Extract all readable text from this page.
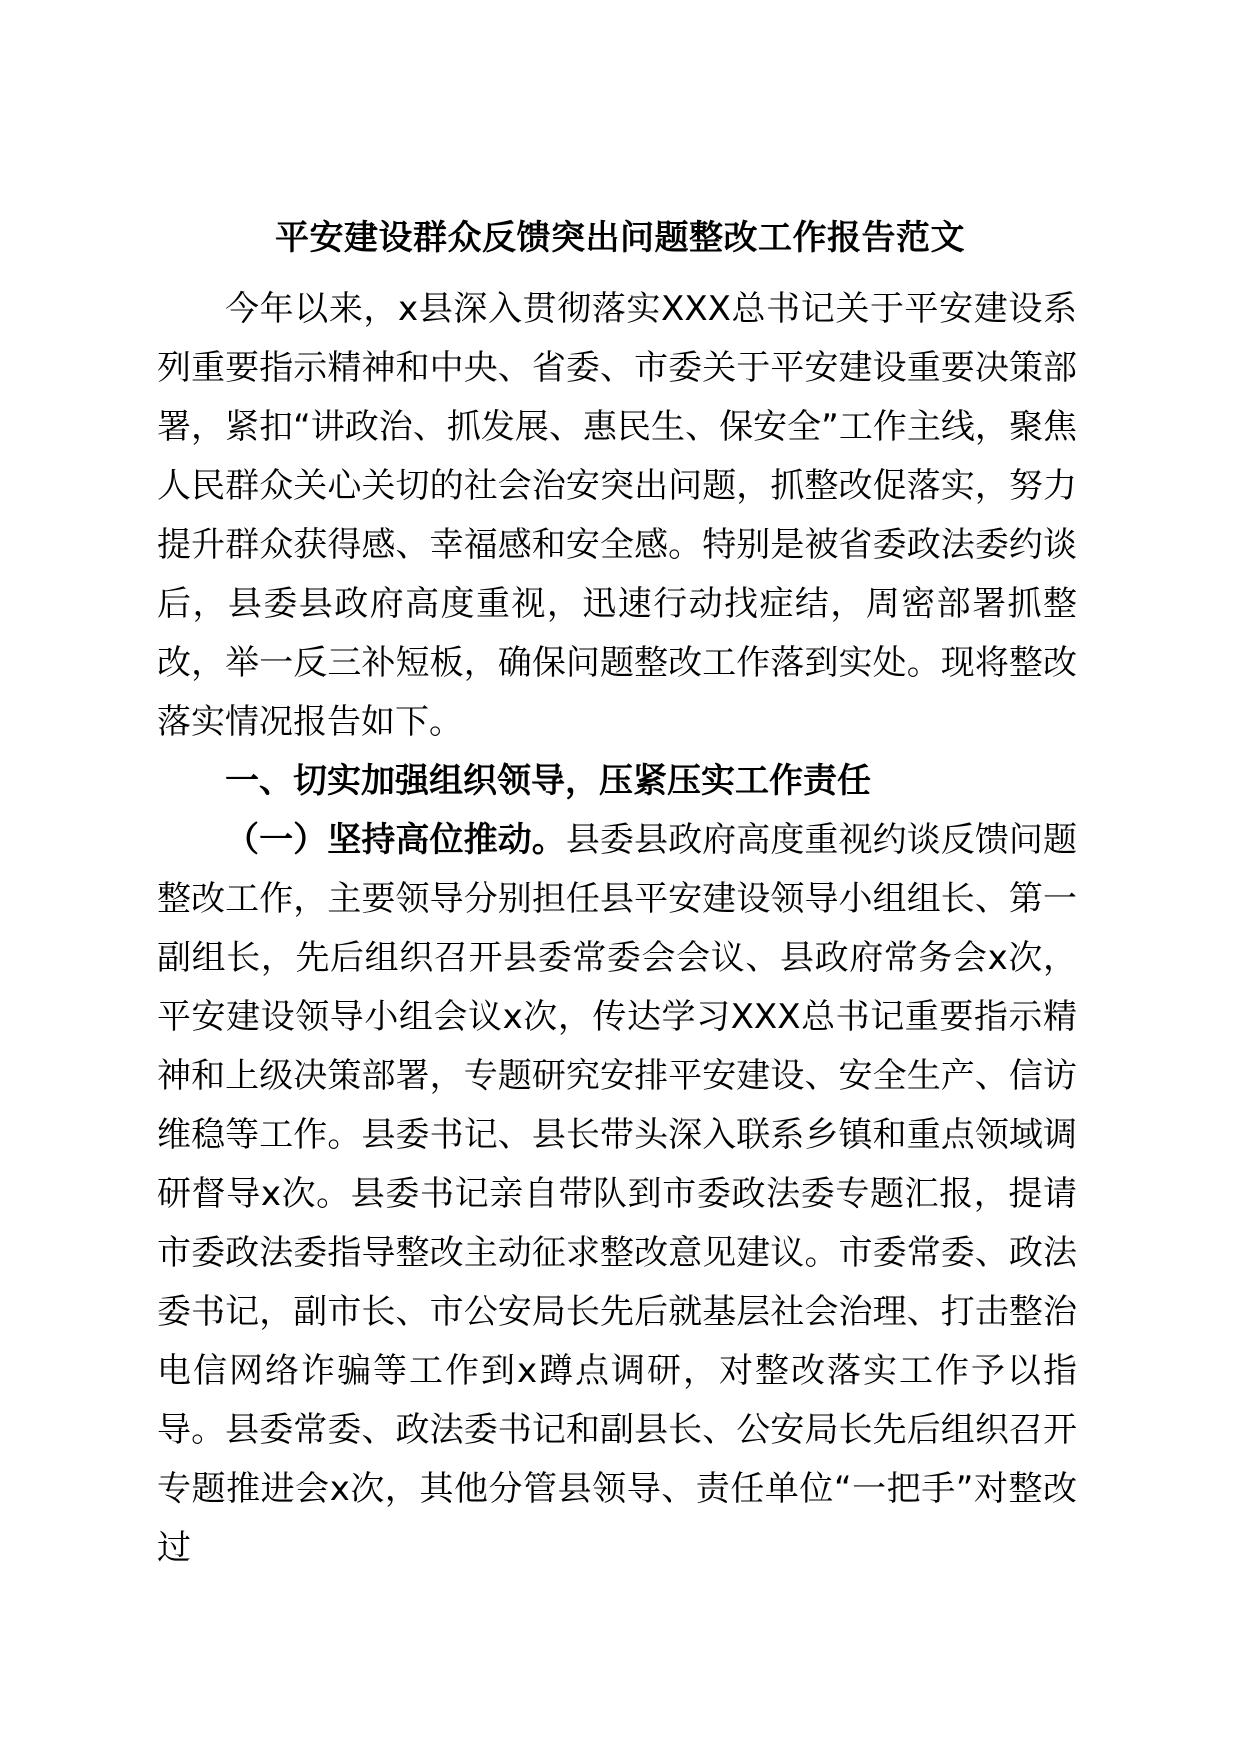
平安建设群众反馈突出问题整改工作报告范文

今年以来，x县深入贯彻落实XXX总书记关于平安建设系列重要指示精神和中央、省委、市委关于平安建设重要决策部署，紧扣“讲政治、抓发展、惠民生、保安全”工作主线，聚焦人民群众关心关切的社会治安突出问题，抓整改促落实，努力提升群众获得感、幸福感和安全感。特别是被省委政法委约谈后，县委县政府高度重视，迅速行动找症结，周密部署抓整改，举一反三补短板，确保问题整改工作落到实处。现将整改落实情况报告如下。

一、切实加强组织领导，压紧压实工作责任

（一）坚持高位推动。县委县政府高度重视约谈反馈问题整改工作，主要领导分别担任县平安建设领导小组组长、第一副组长，先后组织召开县委常委会会议、县政府常务会x次，平安建设领导小组会议x次，传达学习XXX总书记重要指示精神和上级决策部署，专题研究安排平安建设、安全生产、信访维稳等工作。县委书记、县长带头深入联系乡镇和重点领域调研督导x次。县委书记亲自带队到市委政法委专题汇报，提请市委政法委指导整改主动征求整改意见建议。市委常委、政法委书记，副市长、市公安局长先后就基层社会治理、打击整治电信网络诈骗等工作到x蹲点调研，对整改落实工作予以指导。县委常委、政法委书记和副县长、公安局长先后组织召开专题推进会x次，其他分管县领导、责任单位“一把手”对整改过
